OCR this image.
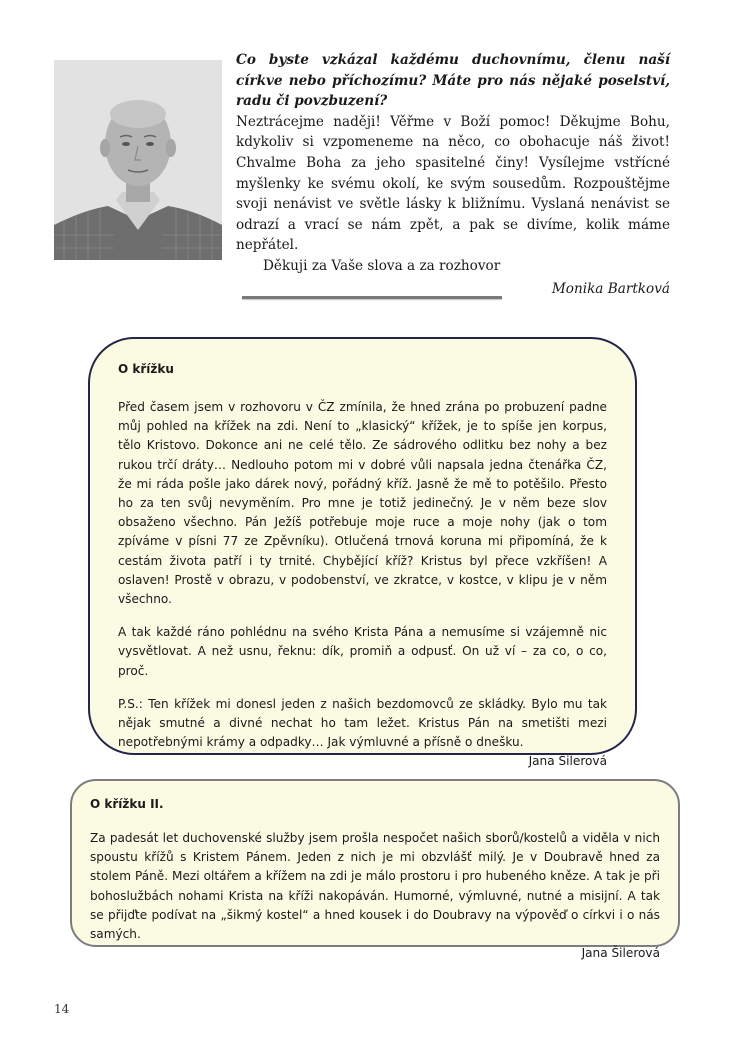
Co byste vzkázal každému duchovnímu, členu naší církve nebo příchozímu? Máte pro nás nějaké poselství, radu či povzbuzení?

Neztrácejme naději! Věřme v Boží pomoc! Děkujme Bohu, kdykoliv si vzpomeneme na něco, co obohacuje náš život! Chvalme Boha za jeho spasitelné činy! Vysílejme vstřícné myšlenky ke svému okolí, ke svým sousedům. Rozpouštějme svoji nenávist ve světle lásky k bližnímu. Vyslaná nenávist se odrazí a vrací se nám zpět, a pak se divíme, kolik máme nepřátel.

Děkuji za Vaše slova a za rozhovor

Monika Bartková

O křížku

Před časem jsem v rozhovoru v ČZ zmínila, že hned zrána po probuzení padne můj pohled na křížek na zdi. Není to „klasický“ křížek, je to spíše jen korpus, tělo Kristovo. Dokonce ani ne celé tělo. Ze sádrového odlitku bez nohy a bez rukou trčí dráty… Nedlouho potom mi v dobré vůli napsala jedna čtenářka ČZ, že mi ráda pošle jako dárek nový, pořádný kříž. Jasně že mě to potěšilo. Přesto ho za ten svůj nevyměním. Pro mne je totiž jedinečný. Je v něm beze slov obsaženo všechno. Pán Ježíš potřebuje moje ruce a moje nohy (jak o tom zpíváme v písni 77 ze Zpěvníku). Otlučená trnová koruna mi připomíná, že k cestám života patří i ty trnité. Chybějící kříž? Kristus byl přece vzkříšen! A oslaven! Prostě v obrazu, v podobenství, ve zkratce, v kostce, v klipu je v něm všechno.

A tak každé ráno pohlédnu na svého Krista Pána a nemusíme si vzájemně nic vysvětlovat. A než usnu, řeknu: dík, promiň a odpusť. On už ví – za co, o co, proč.

P.S.: Ten křížek mi donesl jeden z našich bezdomovců ze skládky. Bylo mu tak nějak smutné a divné nechat ho tam ležet. Kristus Pán na smetišti mezi nepotřebnými krámy a odpadky… Jak výmluvné a přísně o dnešku.

Jana Šilerová

O křížku II.

Za padesát let duchovenské služby jsem prošla nespočet našich sborů/kostelů a viděla v nich spoustu křížů s Kristem Pánem. Jeden z nich je mi obzvlášť milý. Je v Doubravě hned za stolem Páně. Mezi oltářem a křížem na zdi je málo prostoru i pro hubeného kněze. A tak je při bohoslužbách nohami Krista na kříži nakopáván. Humorné, výmluvné, nutné a misijní. A tak se přijďte podívat na „šikmý kostel“ a hned kousek i do Doubravy na výpověď o církvi i o nás samých.

Jana Šilerová

14
